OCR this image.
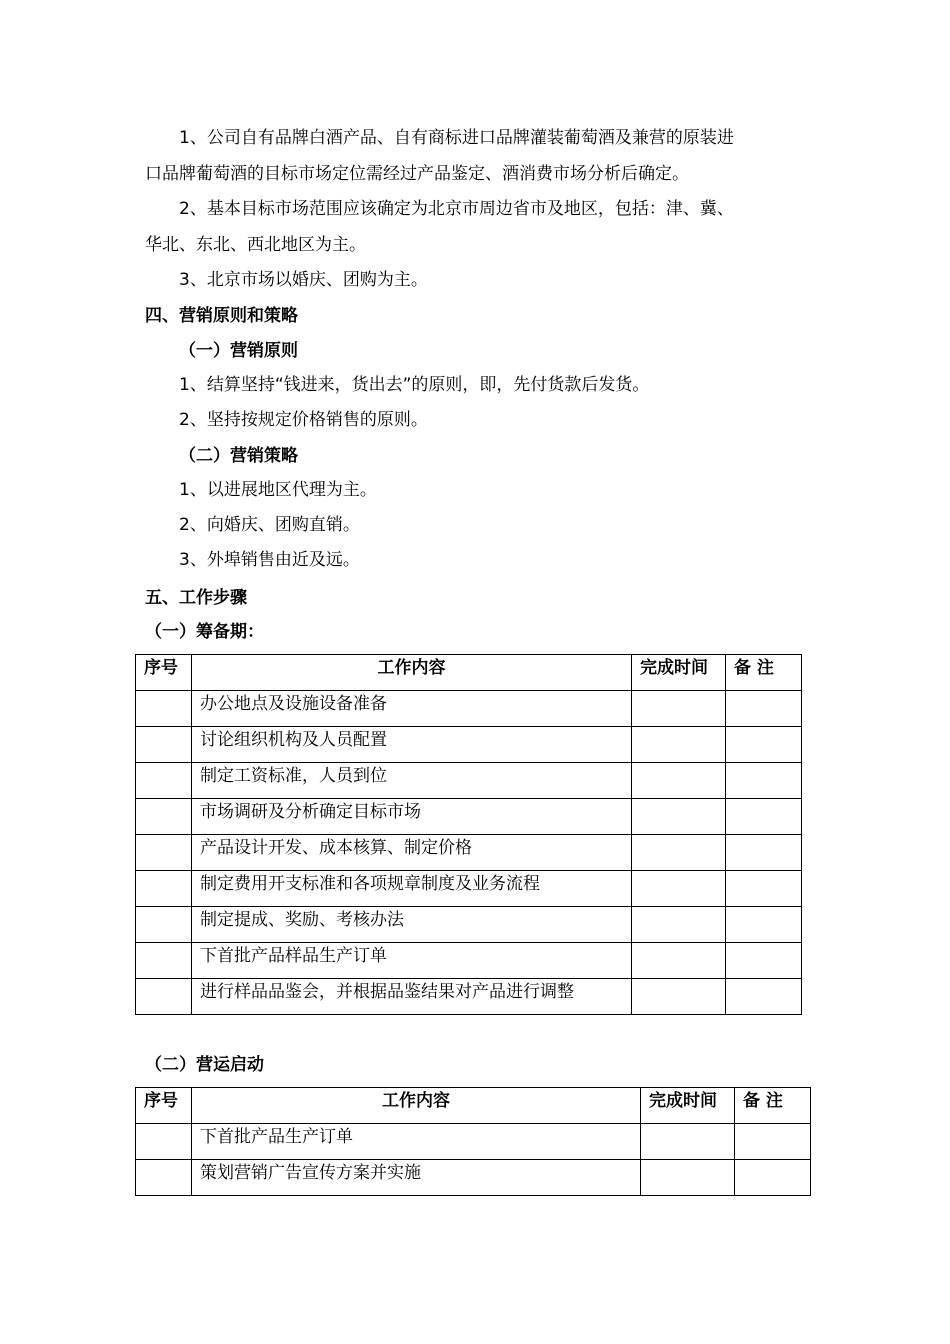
1、公司自有品牌白酒产品、自有商标进口品牌灌装葡萄酒及兼营的原装进
口品牌葡萄酒的目标市场定位需经过产品鉴定、酒消费市场分析后确定。
2、基本目标市场范围应该确定为北京市周边省市及地区，包括：津、冀、
华北、东北、西北地区为主。
3、北京市场以婚庆、团购为主。
四、营销原则和策略
（一）营销原则
1、结算坚持“钱进来，货出去”的原则，即，先付货款后发货。
2、坚持按规定价格销售的原则。
（二）营销策略
1、以进展地区代理为主。
2、向婚庆、团购直销。
3、外埠销售由近及远。
五、工作步骤
（一）筹备期：
序号	工作内容	完成时间	备 注
	办公地点及设施设备准备		
	讨论组织机构及人员配置		
	制定工资标准，人员到位		
	市场调研及分析确定目标市场		
	产品设计开发、成本核算、制定价格		
	制定费用开支标准和各项规章制度及业务流程		
	制定提成、奖励、考核办法		
	下首批产品样品生产订单		
	进行样品品鉴会，并根据品鉴结果对产品进行调整		
（二）营运启动
序号	工作内容	完成时间	备 注
	下首批产品生产订单		
	策划营销广告宣传方案并实施		
